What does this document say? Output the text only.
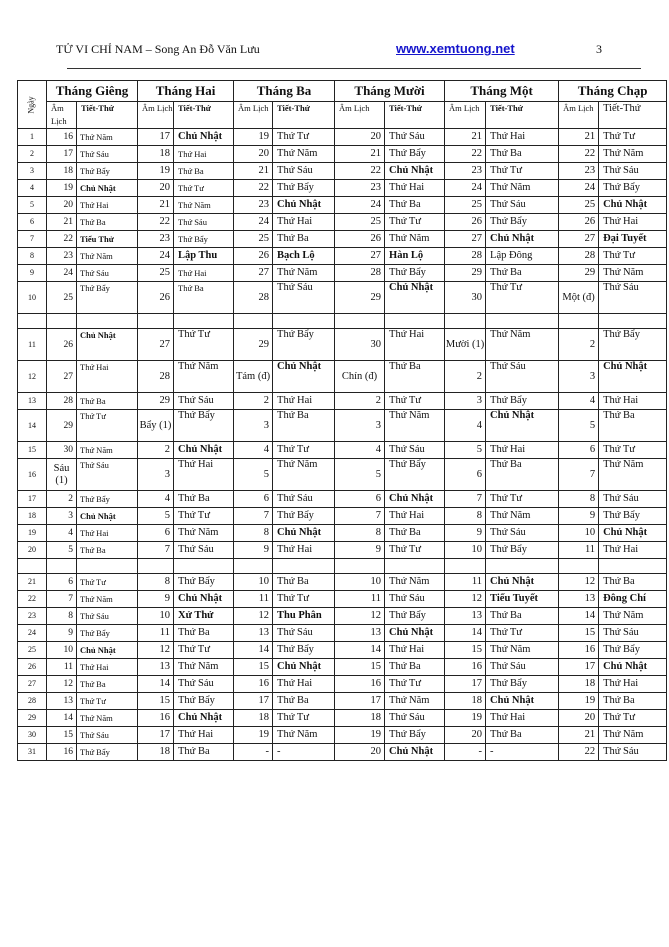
TỬ VI CHỈ NAM – Song An Đỗ Văn Lưu	www.xemtuong.net	3
Ngày	Tháng Giêng		Tháng Hai		Tháng Ba		Tháng Mười		Tháng Một		Tháng Chạp	
	Âm Lịch	Tiết-Thứ	Âm Lịch	Tiết-Thứ	Âm Lịch	Tiết-Thứ	Âm Lịch	Tiết-Thứ	Âm Lịch	Tiết-Thứ	Âm Lịch	Tiết-Thứ
1	16	Thứ Năm	17	Chủ Nhật	19	Thứ Tư	20	Thứ Sáu	21	Thứ Hai	21	Thứ Tư
2	17	Thứ Sáu	18	Thứ Hai	20	Thứ Năm	21	Thứ Bẩy	22	Thứ Ba	22	Thứ Năm
3	18	Thứ Bẩy	19	Thứ Ba	21	Thứ Sáu	22	Chủ Nhật	23	Thứ Tư	23	Thứ Sáu
4	19	Chủ Nhật	20	Thứ Tư	22	Thứ Bẩy	23	Thứ Hai	24	Thứ Năm	24	Thứ Bẩy
5	20	Thứ Hai	21	Thứ Năm	23	Chủ Nhật	24	Thứ Ba	25	Thứ Sáu	25	Chủ Nhật
6	21	Thứ Ba	22	Thứ Sáu	24	Thứ Hai	25	Thứ Tư	26	Thứ Bẩy	26	Thứ Hai
7	22	Tiểu Thử	23	Thứ Bẩy	25	Thứ Ba	26	Thứ Năm	27	Chủ Nhật	27	Đại Tuyết
8	23	Thứ Năm	24	Lập Thu	26	Bạch Lộ	27	Hàn Lộ	28	Lập Đông	28	Thứ Tư
9	24	Thứ Sáu	25	Thứ Hai	27	Thứ Năm	28	Thứ Bẩy	29	Thứ Ba	29	Thứ Năm
10	25	Thứ Bẩy	26	Thứ Ba	28	Thứ Sáu	29	Chủ Nhật	30	Thứ Tư	Một (đ)	Thứ Sáu

11	26	Chủ Nhật	27	Thứ Tư	29	Thứ Bẩy	30	Thứ Hai	Mười (1)	Thứ Năm	2	Thứ Bẩy
12	27	Thứ Hai	28	Thứ Năm	Tám (đ)	Chủ Nhật	Chín (đ)	Thứ Ba	2	Thứ Sáu	3	Chủ Nhật
13	28	Thứ Ba	29	Thứ Sáu	2	Thứ Hai	2	Thứ Tư	3	Thứ Bẩy	4	Thứ Hai
14	29	Thứ Tư	Bẩy (1)	Thứ Bẩy	3	Thứ Ba	3	Thứ Năm	4	Chủ Nhật	5	Thứ Ba
15	30	Thứ Năm	2	Chủ Nhật	4	Thứ Tư	4	Thứ Sáu	5	Thứ Hai	6	Thứ Tư
16	Sáu (1)	Thứ Sáu	3	Thứ Hai	5	Thứ Năm	5	Thứ Bẩy	6	Thứ Ba	7	Thứ Năm
17	2	Thứ Bẩy	4	Thứ Ba	6	Thứ Sáu	6	Chủ Nhật	7	Thứ Tư	8	Thứ Sáu
18	3	Chủ Nhật	5	Thứ Tư	7	Thứ Bẩy	7	Thứ Hai	8	Thứ Năm	9	Thứ Bẩy
19	4	Thứ Hai	6	Thứ Năm	8	Chủ Nhật	8	Thứ Ba	9	Thứ Sáu	10	Chủ Nhật
20	5	Thứ Ba	7	Thứ Sáu	9	Thứ Hai	9	Thứ Tư	10	Thứ Bẩy	11	Thứ Hai

21	6	Thứ Tư	8	Thứ Bẩy	10	Thứ Ba	10	Thứ Năm	11	Chủ Nhật	12	Thứ Ba
22	7	Thứ Năm	9	Chủ Nhật	11	Thứ Tư	11	Thứ Sáu	12	Tiểu Tuyết	13	Đông Chí
23	8	Thứ Sáu	10	Xử Thử	12	Thu Phân	12	Thứ Bẩy	13	Thứ Ba	14	Thứ Năm
24	9	Thứ Bẩy	11	Thứ Ba	13	Thứ Sáu	13	Chủ Nhật	14	Thứ Tư	15	Thứ Sáu
25	10	Chủ Nhật	12	Thứ Tư	14	Thứ Bẩy	14	Thứ Hai	15	Thứ Năm	16	Thứ Bẩy
26	11	Thứ Hai	13	Thứ Năm	15	Chủ Nhật	15	Thứ Ba	16	Thứ Sáu	17	Chủ Nhật
27	12	Thứ Ba	14	Thứ Sáu	16	Thứ Hai	16	Thứ Tư	17	Thứ Bẩy	18	Thứ Hai
28	13	Thứ Tư	15	Thứ Bẩy	17	Thứ Ba	17	Thứ Năm	18	Chủ Nhật	19	Thứ Ba
29	14	Thứ Năm	16	Chủ Nhật	18	Thứ Tư	18	Thứ Sáu	19	Thứ Hai	20	Thứ Tư
30	15	Thứ Sáu	17	Thứ Hai	19	Thứ Năm	19	Thứ Bẩy	20	Thứ Ba	21	Thứ Năm
31	16	Thứ Bẩy	18	Thứ Ba	-	-	20	Chủ Nhật	-	-	22	Thứ Sáu
